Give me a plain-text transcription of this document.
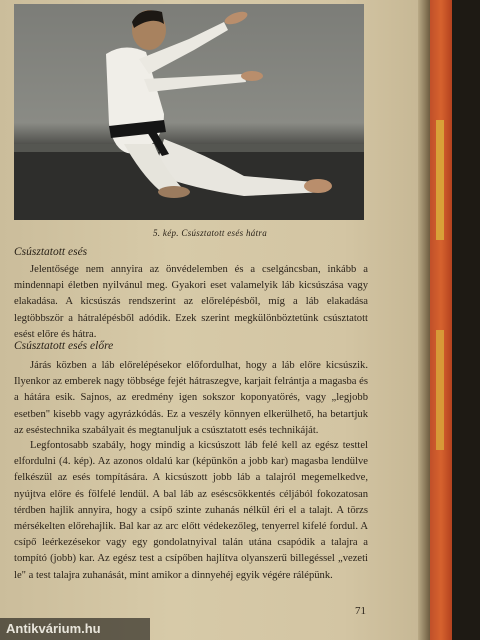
5. kép. Csúsztatott esés hátra
Csúsztatott esés

Jelentősége nem annyira az önvédelemben és a cselgáncsban, inkább a mindennapi életben nyilvánul meg. Gyakori eset valamelyik láb kicsúszása vagy elakadása. A kicsúszás rendszerint az előrelépésből, míg a láb elakadása legtöbbször a hátralépésből adódik. Ezek szerint megkülönböztetünk csúsztatott esést előre és hátra.

Csúsztatott esés előre

Járás közben a láb előrelépésekor előfordulhat, hogy a láb előre kicsúszik. Ilyenkor az emberek nagy többsége fejét hátraszegve, karjait felrántja a magasba és a hátára esik. Sajnos, az eredmény igen sokszor koponyatörés, vagy „legjobb esetben" kisebb vagy agyrázkódás. Ez a veszély könnyen elkerülhető, ha betartjuk az eséstechnika szabályait és megtanuljuk a csúsztatott esés technikáját.

Legfontosabb szabály, hogy mindig a kicsúszott láb felé kell az egész testtel elfordulni (4. kép). Az azonos oldalú kar (képünkön a jobb kar) magasba lendülve felkészül az esés tompítására. A kicsúszott jobb láb a talajról megemelkedve, nyújtva előre és fölfelé lendül. A bal láb az eséscsökkentés céljából fokozatosan térdben hajlik annyira, hogy a csípő szinte zuhanás nélkül éri el a talajt. A törzs mérsékelten előrehajlik. Bal kar az arc előtt védekezőleg, tenyerrel kifelé fordul. A csípő leérkezésekor vagy egy gondolatnyival talán utána csapódik a talajra a tompító (jobb) kar. Az egész test a csípőben hajlítva olyanszerű billegéssel „vezeti le" a test talajra zuhanását, mint amikor a dinnyehéj egyik végére rálépünk.

71
Antikvárium.hu
